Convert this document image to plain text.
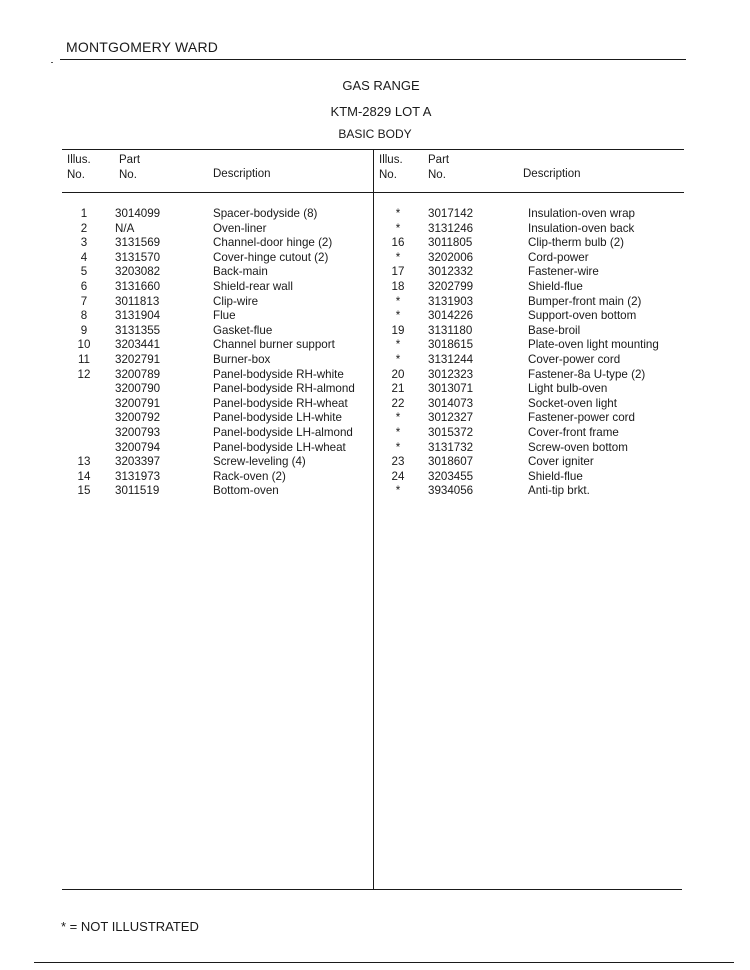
MONTGOMERY WARD
GAS RANGE
KTM-2829 LOT A
BASIC BODY
Illus.
No.
Part
No.	Description
Illus.
No.
Part
No.	Description
1
2
3
4
5
6
7
8
9
10
11
12
13
14
15
3014099
N/A
3131569
3131570
3203082
3131660
3011813
3131904
3131355
3203441
3202791
3200789
3200790
3200791
3200792
3200793
3200794
3203397
3131973
3011519
Spacer-bodyside (8)
Oven-liner
Channel-door hinge (2)
Cover-hinge cutout (2)
Back-main
Shield-rear wall
Clip-wire
Flue
Gasket-flue
Channel burner support
Burner-box
Panel-bodyside RH-white
Panel-bodyside RH-almond
Panel-bodyside RH-wheat
Panel-bodyside LH-white
Panel-bodyside LH-almond
Panel-bodyside LH-wheat
Screw-leveling (4)
Rack-oven (2)
Bottom-oven
*
*
16
*
17
18
*
*
19
*
*
20
21
22
*
*
*
23
24
*
3017142
3131246
3011805
3202006
3012332
3202799
3131903
3014226
3131180
3018615
3131244
3012323
3013071
3014073
3012327
3015372
3131732
3018607
3203455
3934056
Insulation-oven wrap
Insulation-oven back
Clip-therm bulb (2)
Cord-power
Fastener-wire
Shield-flue
Bumper-front main (2)
Support-oven bottom
Base-broil
Plate-oven light mounting
Cover-power cord
Fastener-8a U-type (2)
Light bulb-oven
Socket-oven light
Fastener-power cord
Cover-front frame
Screw-oven bottom
Cover igniter
Shield-flue
Anti-tip brkt.
* = NOT ILLUSTRATED
